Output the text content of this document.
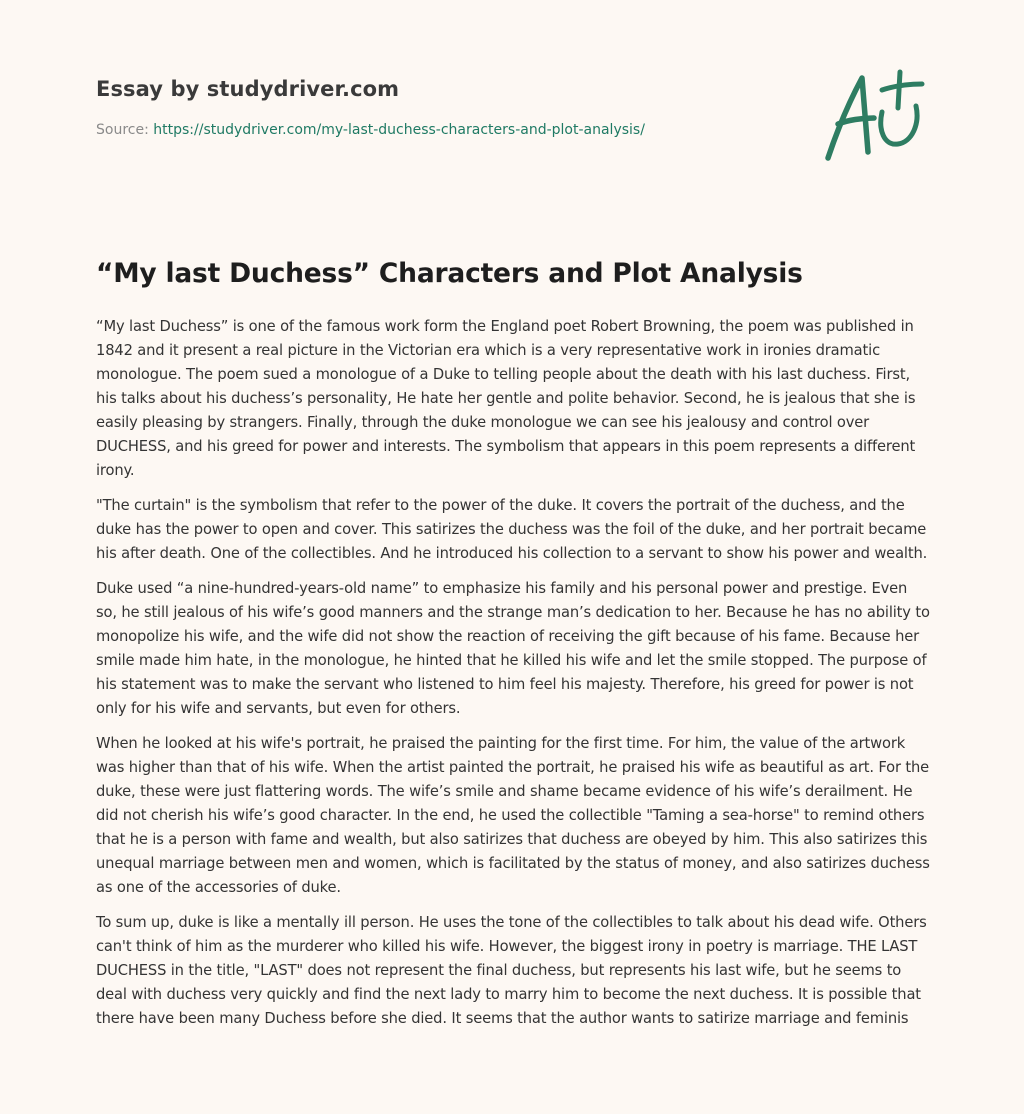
Essay by studydriver.com
Source: https://studydriver.com/my-last-duchess-characters-and-plot-analysis/
“My last Duchess” Characters and Plot Analysis

“My last Duchess” is one of the famous work form the England poet Robert Browning, the poem was published in 1842 and it present a real picture in the Victorian era which is a very representative work in ironies dramatic monologue. The poem sued a monologue of a Duke to telling people about the death with his last duchess. First, his talks about his duchess’s personality, He hate her gentle and polite behavior. Second, he is jealous that she is easily pleasing by strangers. Finally, through the duke monologue we can see his jealousy and control over DUCHESS, and his greed for power and interests. The symbolism that appears in this poem represents a different irony.

"The curtain" is the symbolism that refer to the power of the duke. It covers the portrait of the duchess, and the duke has the power to open and cover. This satirizes the duchess was the foil of the duke, and her portrait became his after death. One of the collectibles. And he introduced his collection to a servant to show his power and wealth.

Duke used “a nine-hundred-years-old name” to emphasize his family and his personal power and prestige. Even so, he still jealous of his wife’s good manners and the strange man’s dedication to her. Because he has no ability to monopolize his wife, and the wife did not show the reaction of receiving the gift because of his fame. Because her smile made him hate, in the monologue, he hinted that he killed his wife and let the smile stopped. The purpose of his statement was to make the servant who listened to him feel his majesty. Therefore, his greed for power is not only for his wife and servants, but even for others.

When he looked at his wife's portrait, he praised the painting for the first time. For him, the value of the artwork was higher than that of his wife. When the artist painted the portrait, he praised his wife as beautiful as art. For the duke, these were just flattering words. The wife’s smile and shame became evidence of his wife’s derailment. He did not cherish his wife’s good character. In the end, he used the collectible "Taming a sea-horse" to remind others that he is a person with fame and wealth, but also satirizes that duchess are obeyed by him. This also satirizes this unequal marriage between men and women, which is facilitated by the status of money, and also satirizes duchess as one of the accessories of duke.

To sum up, duke is like a mentally ill person. He uses the tone of the collectibles to talk about his dead wife. Others can't think of him as the murderer who killed his wife. However, the biggest irony in poetry is marriage. THE LAST DUCHESS in the title, "LAST" does not represent the final duchess, but represents his last wife, but he seems to deal with duchess very quickly and find the next lady to marry him to become the next duchess. It is possible that there have been many Duchess before she died. It seems that the author wants to satirize marriage and feminis
